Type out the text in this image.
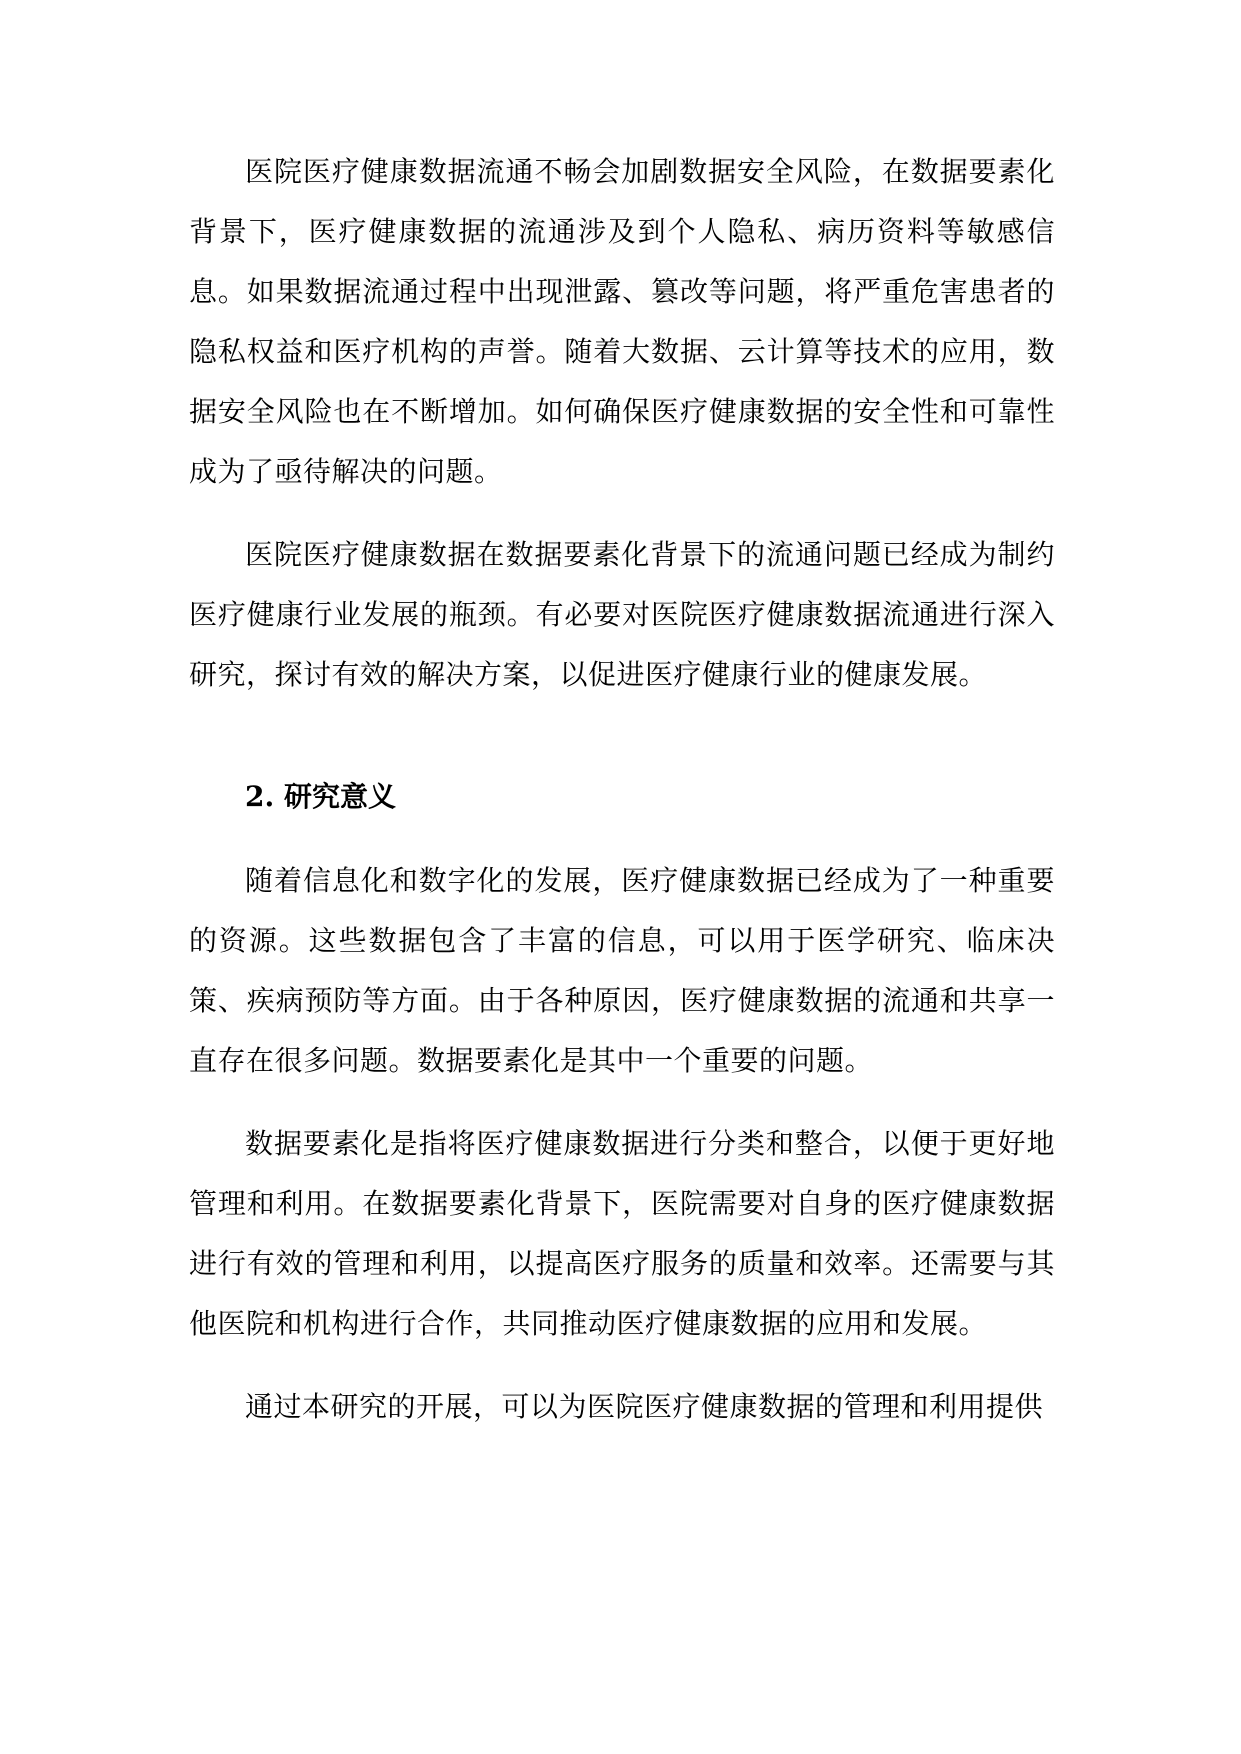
医院医疗健康数据流通不畅会加剧数据安全风险，在数据要素化背景下，医疗健康数据的流通涉及到个人隐私、病历资料等敏感信息。如果数据流通过程中出现泄露、篡改等问题，将严重危害患者的隐私权益和医疗机构的声誉。随着大数据、云计算等技术的应用，数据安全风险也在不断增加。如何确保医疗健康数据的安全性和可靠性成为了亟待解决的问题。

医院医疗健康数据在数据要素化背景下的流通问题已经成为制约医疗健康行业发展的瓶颈。有必要对医院医疗健康数据流通进行深入研究，探讨有效的解决方案，以促进医疗健康行业的健康发展。

2. 研究意义

随着信息化和数字化的发展，医疗健康数据已经成为了一种重要的资源。这些数据包含了丰富的信息，可以用于医学研究、临床决策、疾病预防等方面。由于各种原因，医疗健康数据的流通和共享一直存在很多问题。数据要素化是其中一个重要的问题。

数据要素化是指将医疗健康数据进行分类和整合，以便于更好地管理和利用。在数据要素化背景下，医院需要对自身的医疗健康数据进行有效的管理和利用，以提高医疗服务的质量和效率。还需要与其他医院和机构进行合作，共同推动医疗健康数据的应用和发展。

通过本研究的开展，可以为医院医疗健康数据的管理和利用提供
